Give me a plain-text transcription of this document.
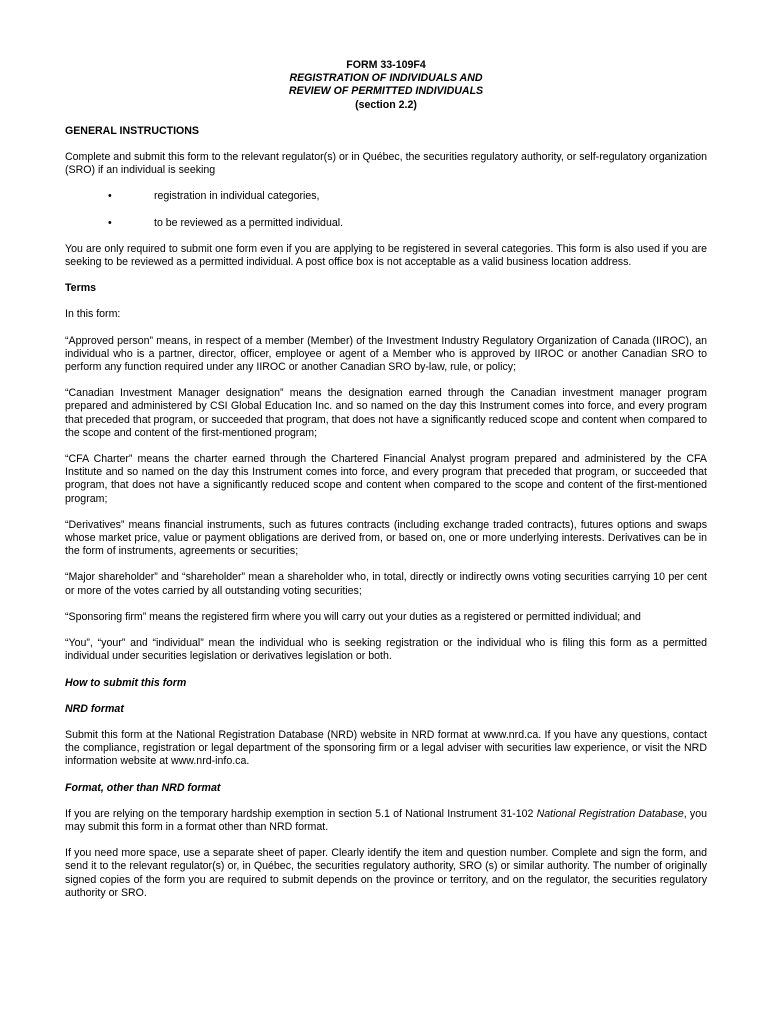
FORM 33-109F4
REGISTRATION OF INDIVIDUALS AND
REVIEW OF PERMITTED INDIVIDUALS
(section 2.2)
GENERAL INSTRUCTIONS

Complete and submit this form to the relevant regulator(s) or in Québec, the securities regulatory authority, or self-regulatory organization (SRO) if an individual is seeking

•	registration in individual categories,
•	to be reviewed as a permitted individual.

You are only required to submit one form even if you are applying to be registered in several categories. This form is also used if you are seeking to be reviewed as a permitted individual. A post office box is not acceptable as a valid business location address.

Terms

In this form:

“Approved person” means, in respect of a member (Member) of the Investment Industry Regulatory Organization of Canada (IIROC), an individual who is a partner, director, officer, employee or agent of a Member who is approved by IIROC or another Canadian SRO to perform any function required under any IIROC or another Canadian SRO by-law, rule, or policy;

“Canadian Investment Manager designation” means the designation earned through the Canadian investment manager program prepared and administered by CSI Global Education Inc. and so named on the day this Instrument comes into force, and every program that preceded that program, or succeeded that program, that does not have a significantly reduced scope and content when compared to the scope and content of the first-mentioned program;

“CFA Charter” means the charter earned through the Chartered Financial Analyst program prepared and administered by the CFA Institute and so named on the day this Instrument comes into force, and every program that preceded that program, or succeeded that program, that does not have a significantly reduced scope and content when compared to the scope and content of the first-mentioned program;

“Derivatives” means financial instruments, such as futures contracts (including exchange traded contracts), futures options and swaps whose market price, value or payment obligations are derived from, or based on, one or more underlying interests. Derivatives can be in the form of instruments, agreements or securities;

“Major shareholder” and “shareholder” mean a shareholder who, in total, directly or indirectly owns voting securities carrying 10 per cent or more of the votes carried by all outstanding voting securities;

“Sponsoring firm” means the registered firm where you will carry out your duties as a registered or permitted individual; and

“You”, “your” and “individual” mean the individual who is seeking registration or the individual who is filing this form as a permitted individual under securities legislation or derivatives legislation or both.

How to submit this form
NRD format

Submit this form at the National Registration Database (NRD) website in NRD format at www.nrd.ca. If you have any questions, contact the compliance, registration or legal department of the sponsoring firm or a legal adviser with securities law experience, or visit the NRD information website at www.nrd-info.ca.

Format, other than NRD format

If you are relying on the temporary hardship exemption in section 5.1 of National Instrument 31-102 National Registration Database, you may submit this form in a format other than NRD format.

If you need more space, use a separate sheet of paper. Clearly identify the item and question number. Complete and sign the form, and send it to the relevant regulator(s) or, in Québec, the securities regulatory authority, SRO (s) or similar authority. The number of originally signed copies of the form you are required to submit depends on the province or territory, and on the regulator, the securities regulatory authority or SRO.
